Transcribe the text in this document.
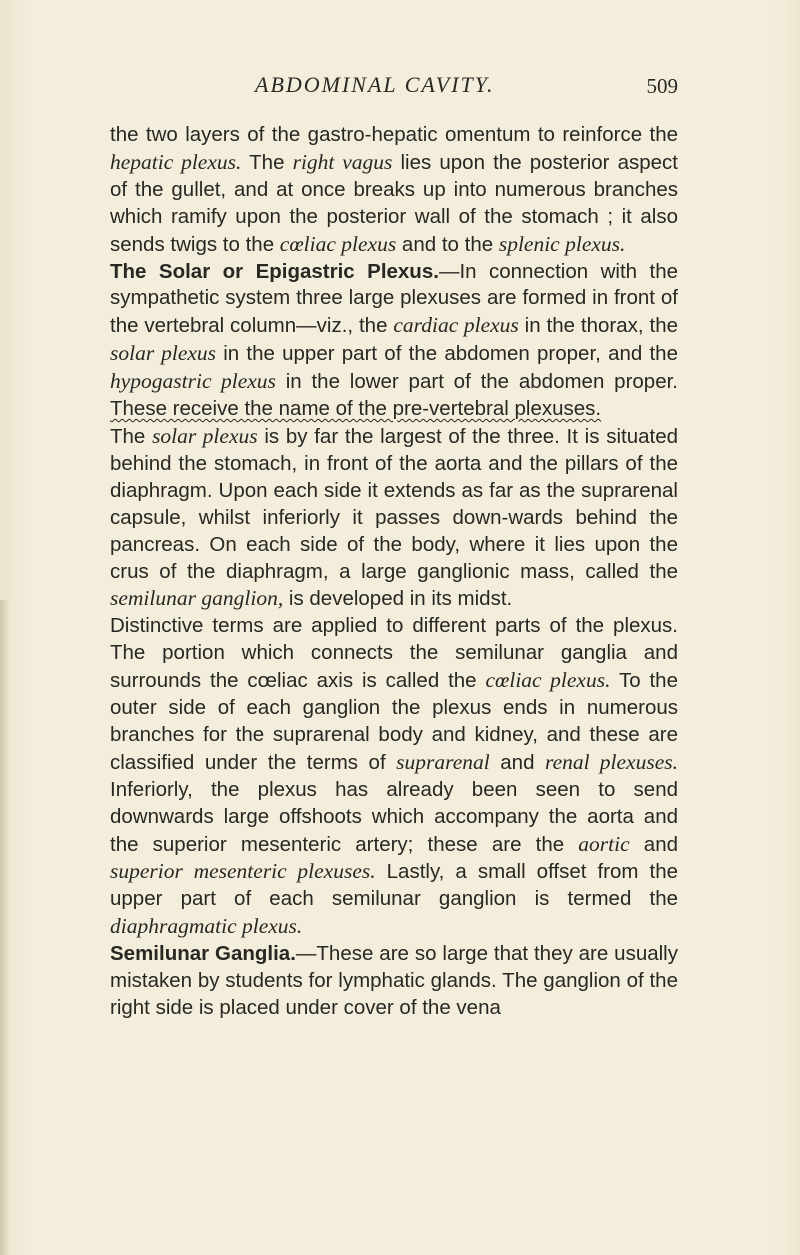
ABDOMINAL CAVITY.	509

the two layers of the gastro-hepatic omentum to reinforce the hepatic plexus. The right vagus lies upon the posterior aspect of the gullet, and at once breaks up into numerous branches which ramify upon the posterior wall of the stomach ; it also sends twigs to the cœliac plexus and to the splenic plexus.

The Solar or Epigastric Plexus.—In connection with the sympathetic system three large plexuses are formed in front of the vertebral column—viz., the cardiac plexus in the thorax, the solar plexus in the upper part of the abdomen proper, and the hypogastric plexus in the lower part of the abdomen proper. These receive the name of the pre-vertebral plexuses.

The solar plexus is by far the largest of the three. It is situated behind the stomach, in front of the aorta and the pillars of the diaphragm. Upon each side it extends as far as the suprarenal capsule, whilst inferiorly it passes down-wards behind the pancreas. On each side of the body, where it lies upon the crus of the diaphragm, a large ganglionic mass, called the semilunar ganglion, is developed in its midst.

Distinctive terms are applied to different parts of the plexus. The portion which connects the semilunar ganglia and surrounds the cœliac axis is called the cœliac plexus. To the outer side of each ganglion the plexus ends in numerous branches for the suprarenal body and kidney, and these are classified under the terms of suprarenal and renal plexuses. Inferiorly, the plexus has already been seen to send downwards large offshoots which accompany the aorta and the superior mesenteric artery; these are the aortic and superior mesenteric plexuses. Lastly, a small offset from the upper part of each semilunar ganglion is termed the diaphragmatic plexus.

Semilunar Ganglia.—These are so large that they are usually mistaken by students for lymphatic glands. The ganglion of the right side is placed under cover of the vena
